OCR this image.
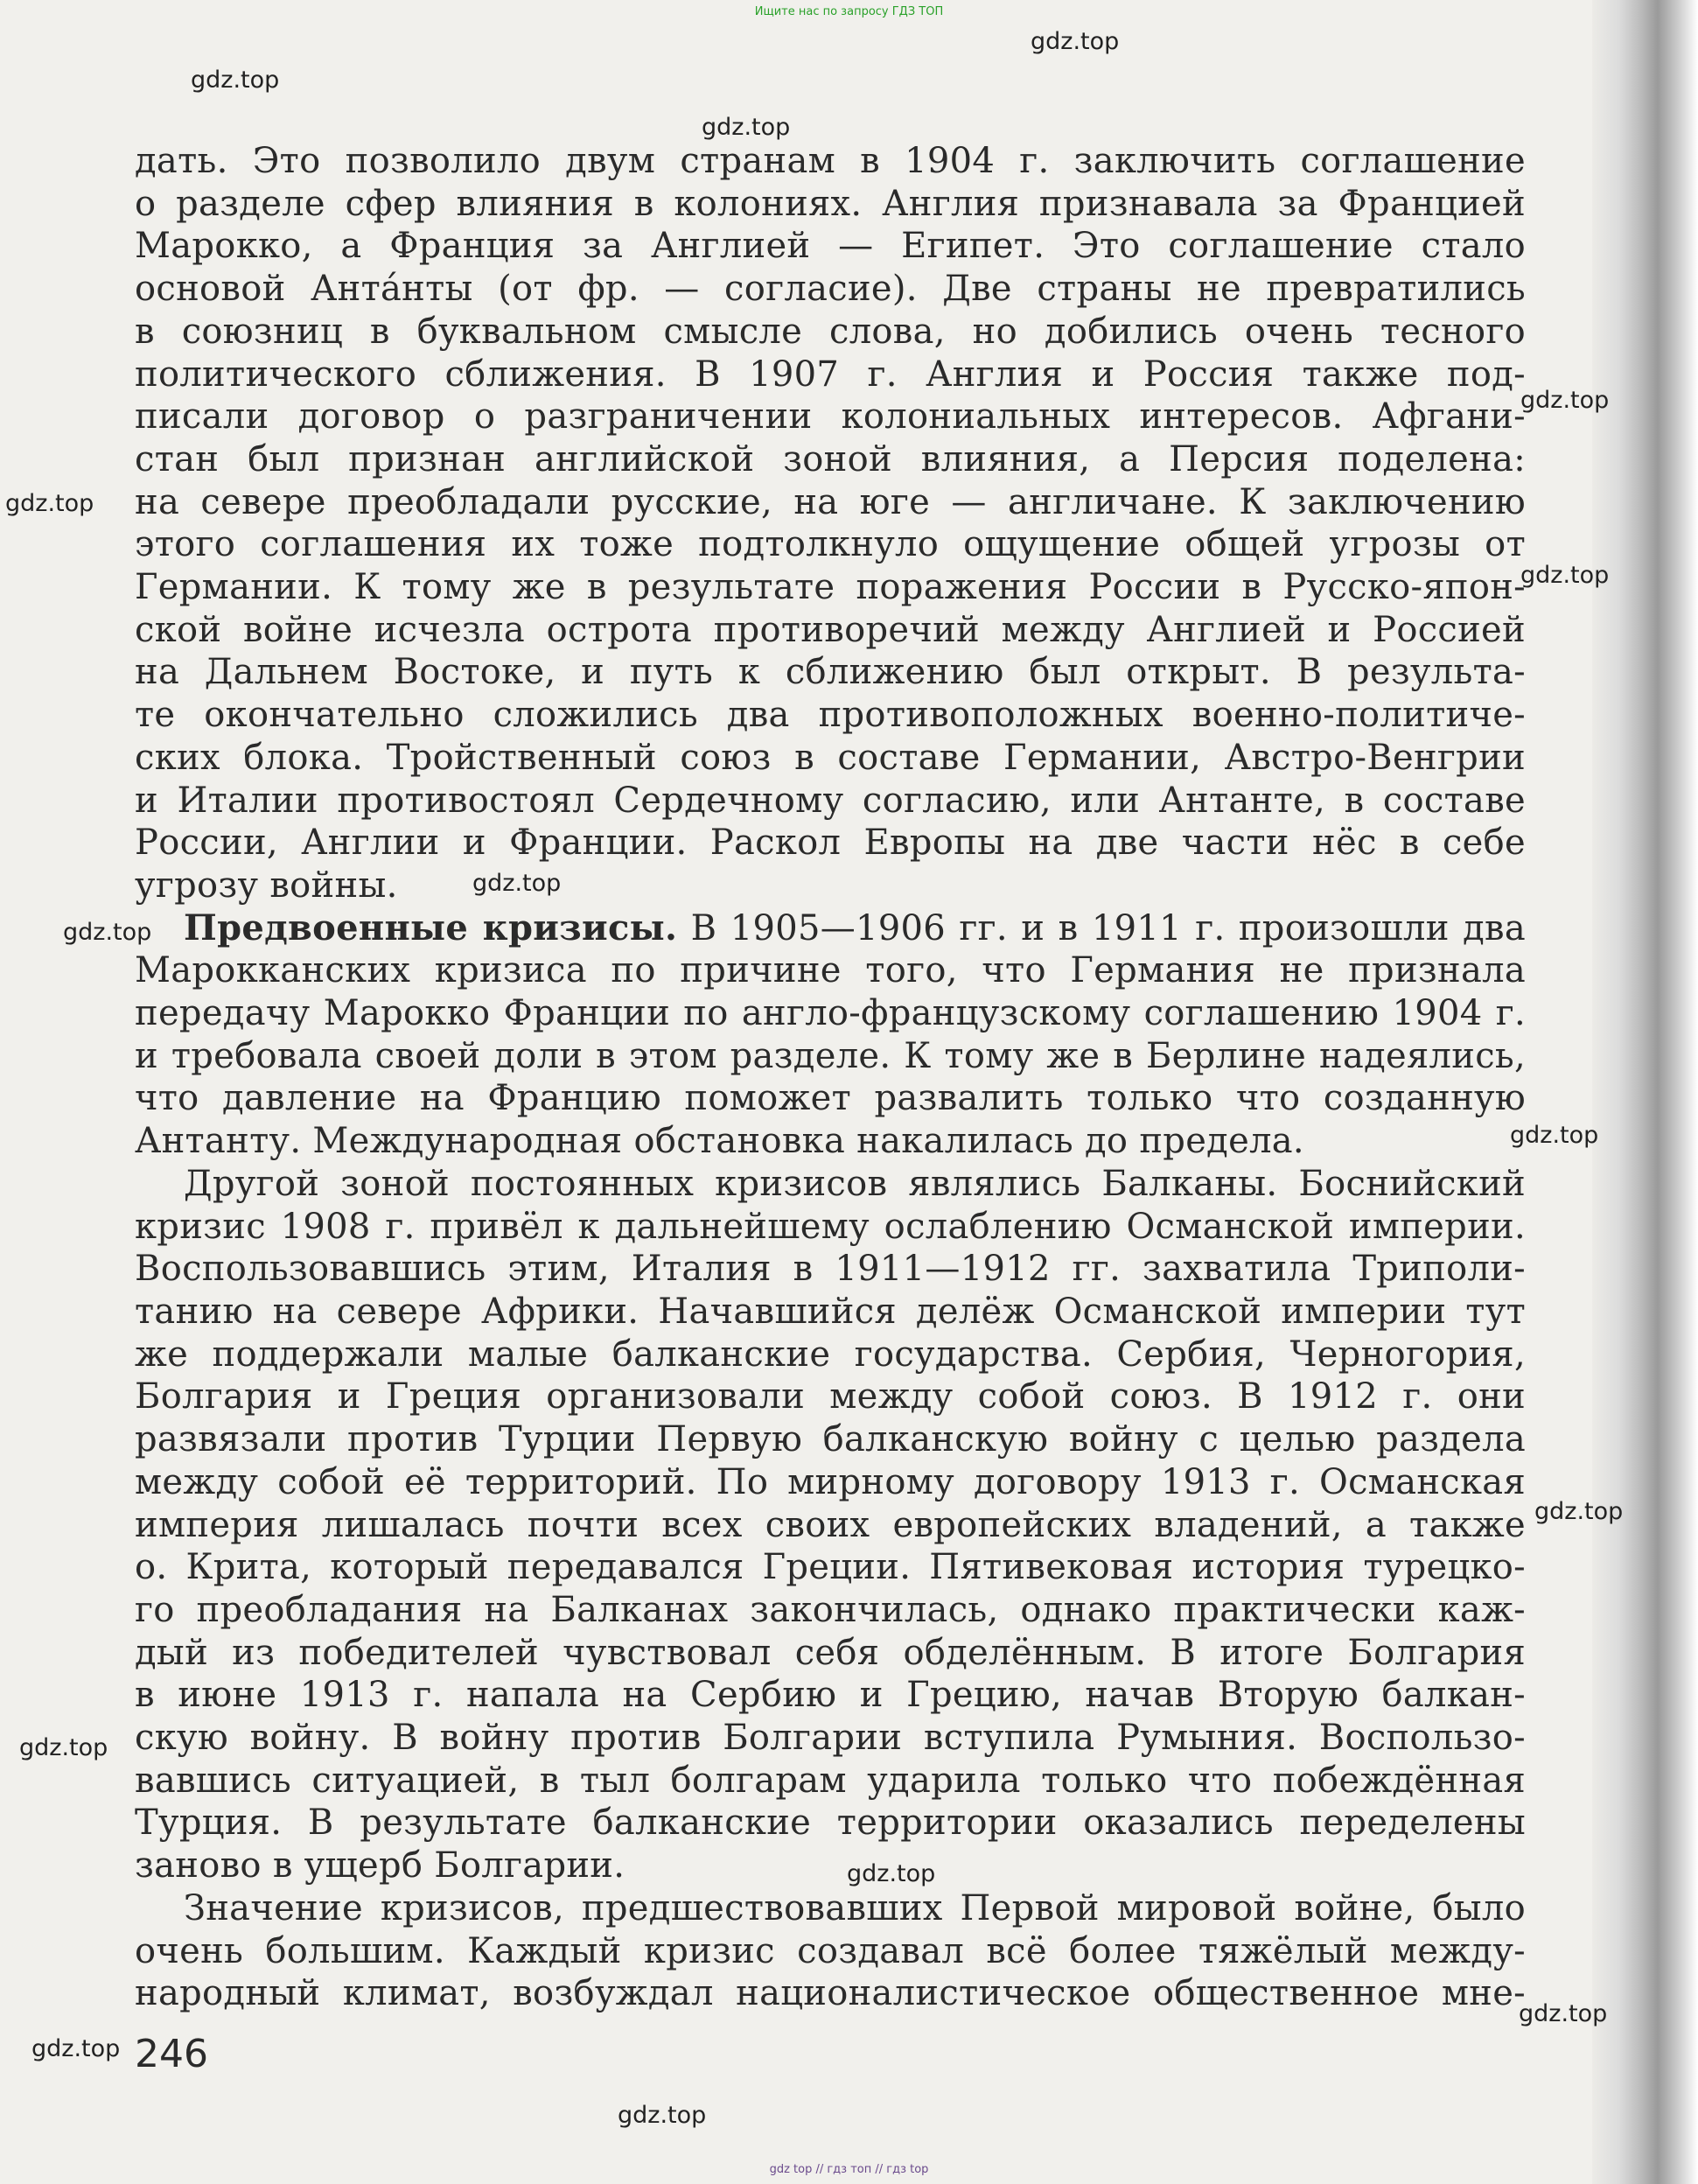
Ищите нас по запросу ГДЗ ТОП
gdz.top
gdz.top
gdz.top
gdz.top
gdz.top
gdz.top
gdz.top
gdz.top
gdz.top
gdz.top
gdz.top
gdz.top
gdz.top
gdz.top
gdz.top

дать. Это позволило двум странам в 1904 г. заключить соглашение
о разделе сфер влияния в колониях. Англия признавала за Францией
Марокко, а Франция за Англией — Египет. Это соглашение стало
основой Анта́нты (от фр. — согласие). Две страны не превратились
в союзниц в буквальном смысле слова, но добились очень тесного
политического сближения. В 1907 г. Англия и Россия также под-
писали договор о разграничении колониальных интересов. Афгани-
стан был признан английской зоной влияния, а Персия поделена:
на севере преобладали русские, на юге — англичане. К заключению
этого соглашения их тоже подтолкнуло ощущение общей угрозы от
Германии. К тому же в результате поражения России в Русско-япон-
ской войне исчезла острота противоречий между Англией и Россией
на Дальнем Востоке, и путь к сближению был открыт. В результа-
те окончательно сложились два противоположных военно-политиче-
ских блока. Тройственный союз в составе Германии, Австро-Венгрии
и Италии противостоял Сердечному согласию, или Антанте, в составе
России, Англии и Франции. Раскол Европы на две части нёс в себе
угрозу войны.

Предвоенные кризисы. В 1905—1906 гг. и в 1911 г. произошли два
Марокканских кризиса по причине того, что Германия не признала
передачу Марокко Франции по англо-французскому соглашению 1904 г.
и требовала своей доли в этом разделе. К тому же в Берлине надеялись,
что давление на Францию поможет развалить только что созданную
Антанту. Международная обстановка накалилась до предела.

Другой зоной постоянных кризисов являлись Балканы. Боснийский
кризис 1908 г. привёл к дальнейшему ослаблению Османской империи.
Воспользовавшись этим, Италия в 1911—1912 гг. захватила Триполи-
танию на севере Африки. Начавшийся делёж Османской империи тут
же поддержали малые балканские государства. Сербия, Черногория,
Болгария и Греция организовали между собой союз. В 1912 г. они
развязали против Турции Первую балканскую войну с целью раздела
между собой её территорий. По мирному договору 1913 г. Османская
империя лишалась почти всех своих европейских владений, а также
о. Крита, который передавался Греции. Пятивековая история турецко-
го преобладания на Балканах закончилась, однако практически каж-
дый из победителей чувствовал себя обделённым. В итоге Болгария
в июне 1913 г. напала на Сербию и Грецию, начав Вторую балкан-
скую войну. В войну против Болгарии вступила Румыния. Воспользо-
вавшись ситуацией, в тыл болгарам ударила только что побеждённая
Турция. В результате балканские территории оказались переделены
заново в ущерб Болгарии.

Значение кризисов, предшествовавших Первой мировой войне, было
очень большим. Каждый кризис создавал всё более тяжёлый между-
народный климат, возбуждал националистическое общественное мне-

246
gdz top // гдз топ // гдз top
